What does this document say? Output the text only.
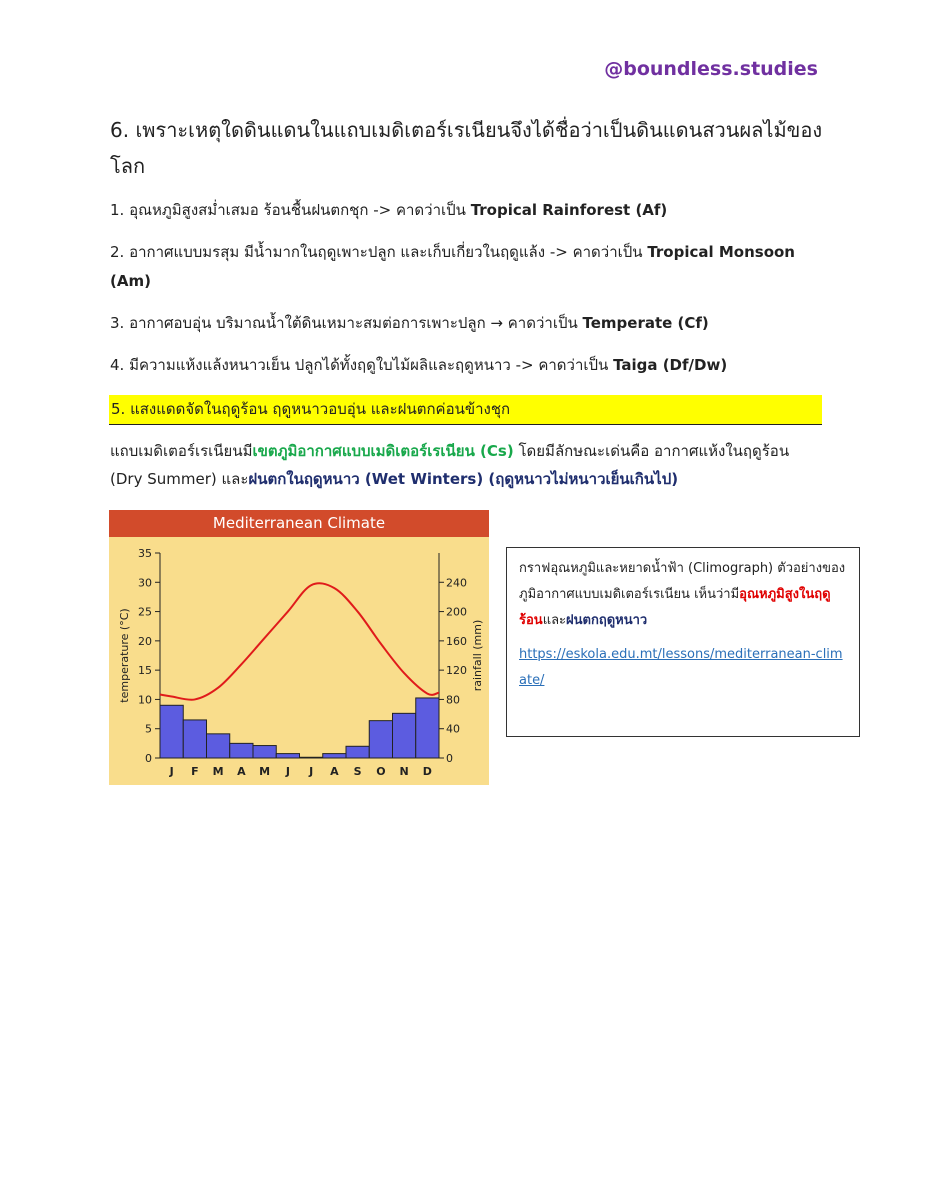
@boundless.studies
6. เพราะเหตุใดดินแดนในแถบเมดิเตอร์เรเนียนจึงได้ชื่อว่าเป็นดินแดนสวนผลไม้ของโลก
1. อุณหภูมิสูงสม่ำเสมอ ร้อนชื้นฝนตกชุก -> คาดว่าเป็น Tropical Rainforest (Af)
2. อากาศแบบมรสุม มีน้ำมากในฤดูเพาะปลูก และเก็บเกี่ยวในฤดูแล้ง -> คาดว่าเป็น Tropical Monsoon (Am)
3. อากาศอบอุ่น บริมาณน้ำใต้ดินเหมาะสมต่อการเพาะปลูก → คาดว่าเป็น Temperate (Cf)
4. มีความแห้งแล้งหนาวเย็น ปลูกได้ทั้งฤดูใบไม้ผลิและฤดูหนาว -> คาดว่าเป็น Taiga (Df/Dw)
5. แสงแดดจัดในฤดูร้อน ฤดูหนาวอบอุ่น และฝนตกค่อนข้างชุก
แถบเมดิเตอร์เรเนียนมีเขตภูมิอากาศแบบเมดิเตอร์เรเนียน (Cs) โดยมีลักษณะเด่นคือ อากาศแห้งในฤดูร้อน (Dry Summer) และฝนตกในฤดูหนาว (Wet Winters) (ฤดูหนาวไม่หนาวเย็นเกินไป)
Mediterranean Climate
0
5
10
15
20
25
30
35
0
40
80
120
160
200
240
J F M A M J J A S O N D
temperature (°C)	rainfall (mm)
กราฟอุณหภูมิและหยาดน้ำฟ้า (Climograph) ตัวอย่างของภูมิอากาศแบบเมดิเตอร์เรเนียน เห็นว่ามีอุณหภูมิสูงในฤดูร้อนและฝนตกฤดูหนาว
https://eskola.edu.mt/lessons/mediterranean-climate/
